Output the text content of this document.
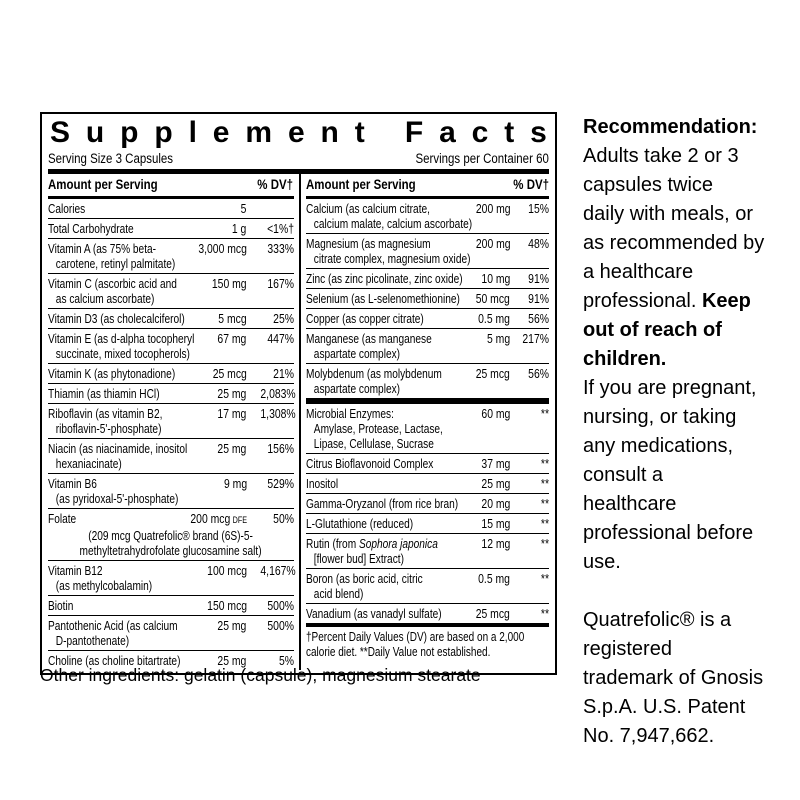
S u p p l e m e n t
F a c t s
Serving Size 3 Capsules	Servings per Container 60
Amount per Serving	% DV†
Calories	5
Total Carbohydrate	1 g	<1%†
Vitamin A (as 75% beta-	3,000 mcg	333%
carotene, retinyl palmitate)
Vitamin C (ascorbic acid and	150 mg	167%
as calcium ascorbate)
Vitamin D3 (as cholecalciferol)	5 mcg	25%
Vitamin E (as d-alpha tocopheryl 67 mg	447%
succinate, mixed tocopherols)
Vitamin K (as phytonadione)	25 mcg	21%
Thiamin (as thiamin HCl)	25 mg	2,083%
Riboflavin (as vitamin B2,	17 mg	1,308%
riboflavin-5'-phosphate)
Niacin (as niacinamide, inositol 25 mg	156%
hexaniacinate)
Vitamin B6	9 mg	529%
(as pyridoxal-5'-phosphate)
Folate	200 mcg DFE	50%
(209 mcg Quatrefolic® brand (6S)-5-
methyltetrahydrofolate glucosamine salt)
Vitamin B12	100 mcg	4,167%
(as methylcobalamin)
Biotin	150 mcg	500%
Pantothenic Acid (as calcium	25 mg	500%
D-pantothenate)
Choline (as choline bitartrate)	25 mg	5%
Amount per Serving	% DV†
Calcium (as calcium citrate,	200 mg	15%
calcium malate, calcium ascorbate)
Magnesium (as magnesium	200 mg	48%
citrate complex, magnesium oxide)
Zinc (as zinc picolinate, zinc oxide) 10 mg	91%
Selenium (as L-selenomethionine) 50 mcg	91%
Copper (as copper citrate)	0.5 mg	56%
Manganese (as manganese	5 mg 217%
aspartate complex)
Molybdenum (as molybdenum	25 mcg	56%
aspartate complex)
Microbial Enzymes:	60 mg	**
Amylase, Protease, Lactase,
Lipase, Cellulase, Sucrase
Citrus Bioflavonoid Complex	37 mg	**
Inositol	25 mg	**
Gamma-Oryzanol (from rice bran) 20 mg	**
L-Glutathione (reduced)	15 mg	**
Rutin (from Sophora japonica	12 mg	**
[flower bud] Extract)
Boron (as boric acid, citric	0.5 mg	**
acid blend)
Vanadium (as vanadyl sulfate)	25 mcg	**
†Percent Daily Values (DV) are based on a 2,000 calorie diet. **Daily Value not established.
Other ingredients: gelatin (capsule), magnesium stearate
Recommendation:
Adults take 2 or 3
capsules twice
daily with meals, or
as recommended by
a healthcare
professional. Keep
out of reach of
children.
If you are pregnant,
nursing, or taking
any medications,
consult a
healthcare
professional before
use.
Quatrefolic® is a
registered
trademark of Gnosis
S.p.A. U.S. Patent
No. 7,947,662.
